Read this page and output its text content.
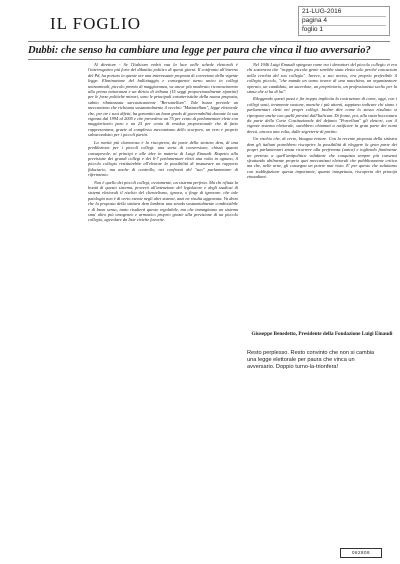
IL FOGLIO
21-LUG-2016
pagina 4
foglio 1
Dubbi: che senso ha cambiare una legge per paura che vinca il tuo avversario?

Al direttore - Se l'Italicum vedrà vaa la luce nelle schede elettorali è l'interrogativo più forte del dibattito politico di questi giorni. Il confronto all'interno del Pd, ha portato in queste ore una interessante proposta di correzione della vigente legge. Eliminazione del ballottaggio e conseguente turno unico in collegi uninominali, piccolo premio di maggioranza, va ancor più moderato riconoscimento alla prima minoranza e un diritto di tribuna (15 seggi proporzionalmente ripartiti) per le forze politiche minori, sono le principali caratteristiche della nuova proposta, subito ribattezzata sarcasticamente "Bersanellum". Tale bozza prevede un meccanismo che richiama sostanzialmente il vecchio "Mattarellum", legge elettorale che, per tre i suoi difetti, ha garantito un buon grado di governabilità durante la sua vigenza dal 1994 al 2005 e che prevedeva un 75 per cento di parlamentari eletti con maggioritario puro e un 25 per cento di residuo proporzionale che di fatto rappresentava, grazie al complesso meccanismo dello scorporo, un vero e proprio salvacondotto per i piccoli partiti.

La novità più clamorosa è la riscoperta, da parte della sinistra dem, di una predilezione per i piccoli collegi: una sorta di conversione, chissà quanto consapevole, ai principi e alle idee in materia di Luigi Einaudi. Rispetto alla previsione dei grandi collegi e dei 6-7 parlamentari eletti una volta in ognuno, il piccolo collegio restituirebbe all'elettore la possibilità di instaurare un rapporto fiduciario, ma anche di controllo, nei confronti del "suo" parlamentare di riferimento.

Non è quello dei piccoli collegi, ovviamente, un sistema perfetto. Ma chi rifiuta la bontà di questo sistema, proverà all'attenzione del legislatore e degli studiosi di sistemi elettorali il rischio del clientelismo, ignora, o finge di ignorare, che tale patologia non è di certo esente negli altri sistemi, anzi ne risulta aggravata. Va detto che la proposta della sinistra dem lambiva una strada sostanzialmente condivisibile e di buon senso, tanto risulterà questo regolabile, ma che immaginano un sistema sma' altro più omogeneo e armonico proprio grazie alla previsione di un piccolo collegio, agevolare da liste civiche favorite.

Nel 1946 Luigi Einaudi spiegava come tra i detrattori del piccolo collegio vi era chi sosteneva che "troppo piccola gente sarebbe stata eletta solo perché conosciuta nella cerchia del suo collegio". Invece, a suo avviso, era proprio preferibile il collegio piccolo, "che manda un uomo invece di una macchina, un organizzatore operaio, un candidato, un sacerdote, un proprietario, un professionista scelto per la stima che si ha di lui".

Rileggendo questi passi e fin troppo implicita la costruzione di come, oggi, con i collegi vasti, teramente vastone, manche i più attenti, sappiano indicare chi siano i parlamentari eletti nei propri collegi. Inoltre dire come lo stesso risultato si ripropone anche con quelli previsti dall'Italicum. Di fronte, poi, alla vatta bocciatura da parte della Corte Costituzionale del defunto "Porcellum" gli elettori, con il vigente sistema elettorale, sarebbero chiamati a ratificare in gran parte dei nomi decisi, ancora una volta, dalle segreterie di partito.

Un rischio che, di certo, bisogna evitare. Con la recente proposta della sinistra dem gli italiani potrebbero riscoprire la possibilità di eleggere la gran parte dei propri parlamentari senza ricorrere alla preferenza (unica) e togliendo finalmente un pretesto a quell'antipolitica validante che conquista sempre più consensi sfruttando abilmente proprio quei meccanismi elettorali che pubblicamente critica ma che, nelle urne, gli consegna un potere mai visto. E' per questo che salutiamo con soddisfazione questa importante, quanto inaspettata, riscoperta dei principi einaudiani.

Giuseppe Benedetto, Presidente della Fondazione Luigi Einaudi
Resto perplesso. Resto convinto che non si cambia una legge elettorale per paura che vinca un avversario. Doppio turno-la-trionfera!
062808
